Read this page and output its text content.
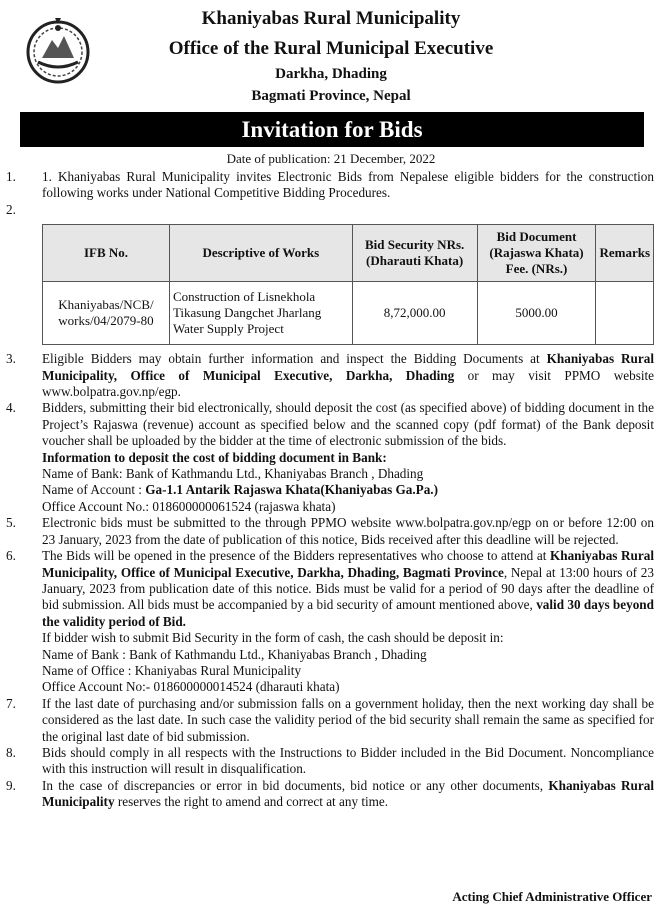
Khaniyabas Rural Municipality
Office of the Rural Municipal Executive
Darkha, Dhading
Bagmati Province, Nepal
Invitation for Bids
Date of publication: 21 December, 2022
1.	1. Khaniyabas Rural Municipality invites Electronic Bids from Nepalese eligible bidders for the construction following works under National Competitive Bidding Procedures.
2.
IFB No.	Descriptive of Works	Bid Security NRs. (Dharauti Khata)	Bid Document (Rajaswa Khata) Fee. (NRs.)	Remarks
Khaniyabas/NCB/ works/04/2079-80	Construction of Lisnekhola Tikasung Dangchet Jharlang Water Supply Project	8,72,000.00	5000.00	
3.	Eligible Bidders may obtain further information and inspect the Bidding Documents at Khaniyabas Rural Municipality, Office of Municipal Executive, Darkha, Dhading or may visit PPMO website www.bolpatra.gov.np/egp.
4.	Bidders, submitting their bid electronically, should deposit the cost (as specified above) of bidding document in the Project’s Rajaswa (revenue) account as specified below and the scanned copy (pdf format) of the Bank deposit voucher shall be uploaded by the bidder at the time of electronic submission of the bids.
Information to deposit the cost of bidding document in Bank:
Name of Bank: Bank of Kathmandu Ltd., Khaniyabas Branch , Dhading
Name of Account : Ga-1.1 Antarik Rajaswa Khata(Khaniyabas Ga.Pa.)
Office Account No.: 018600000061524 (rajaswa khata)
5.	Electronic bids must be submitted to the through PPMO website www.bolpatra.gov.np/egp on or before 12:00 on 23 January, 2023 from the date of publication of this notice, Bids received after this deadline will be rejected.
6.	The Bids will be opened in the presence of the Bidders representatives who choose to attend at Khaniyabas Rural Municipality, Office of Municipal Executive, Darkha, Dhading, Bagmati Province, Nepal at 13:00 hours of 23 January, 2023 from publication date of this notice. Bids must be valid for a period of 90 days after the deadline of bid submission. All bids must be accompanied by a bid security of amount mentioned above, valid 30 days beyond the validity period of Bid.
If bidder wish to submit Bid Security in the form of cash, the cash should be deposit in:
Name of Bank : Bank of Kathmandu Ltd., Khaniyabas Branch , Dhading
Name of Office : Khaniyabas Rural Municipality
Office Account No:- 018600000014524 (dharauti khata)
7.	If the last date of purchasing and/or submission falls on a government holiday, then the next working day shall be considered as the last date. In such case the validity period of the bid security shall remain the same as specified for the original last date of bid submission.
8.	Bids should comply in all respects with the Instructions to Bidder included in the Bid Document. Noncompliance with this instruction will result in disqualification.
9.	In the case of discrepancies or error in bid documents, bid notice or any other documents, Khaniyabas Rural Municipality reserves the right to amend and correct at any time.
Acting Chief Administrative Officer
